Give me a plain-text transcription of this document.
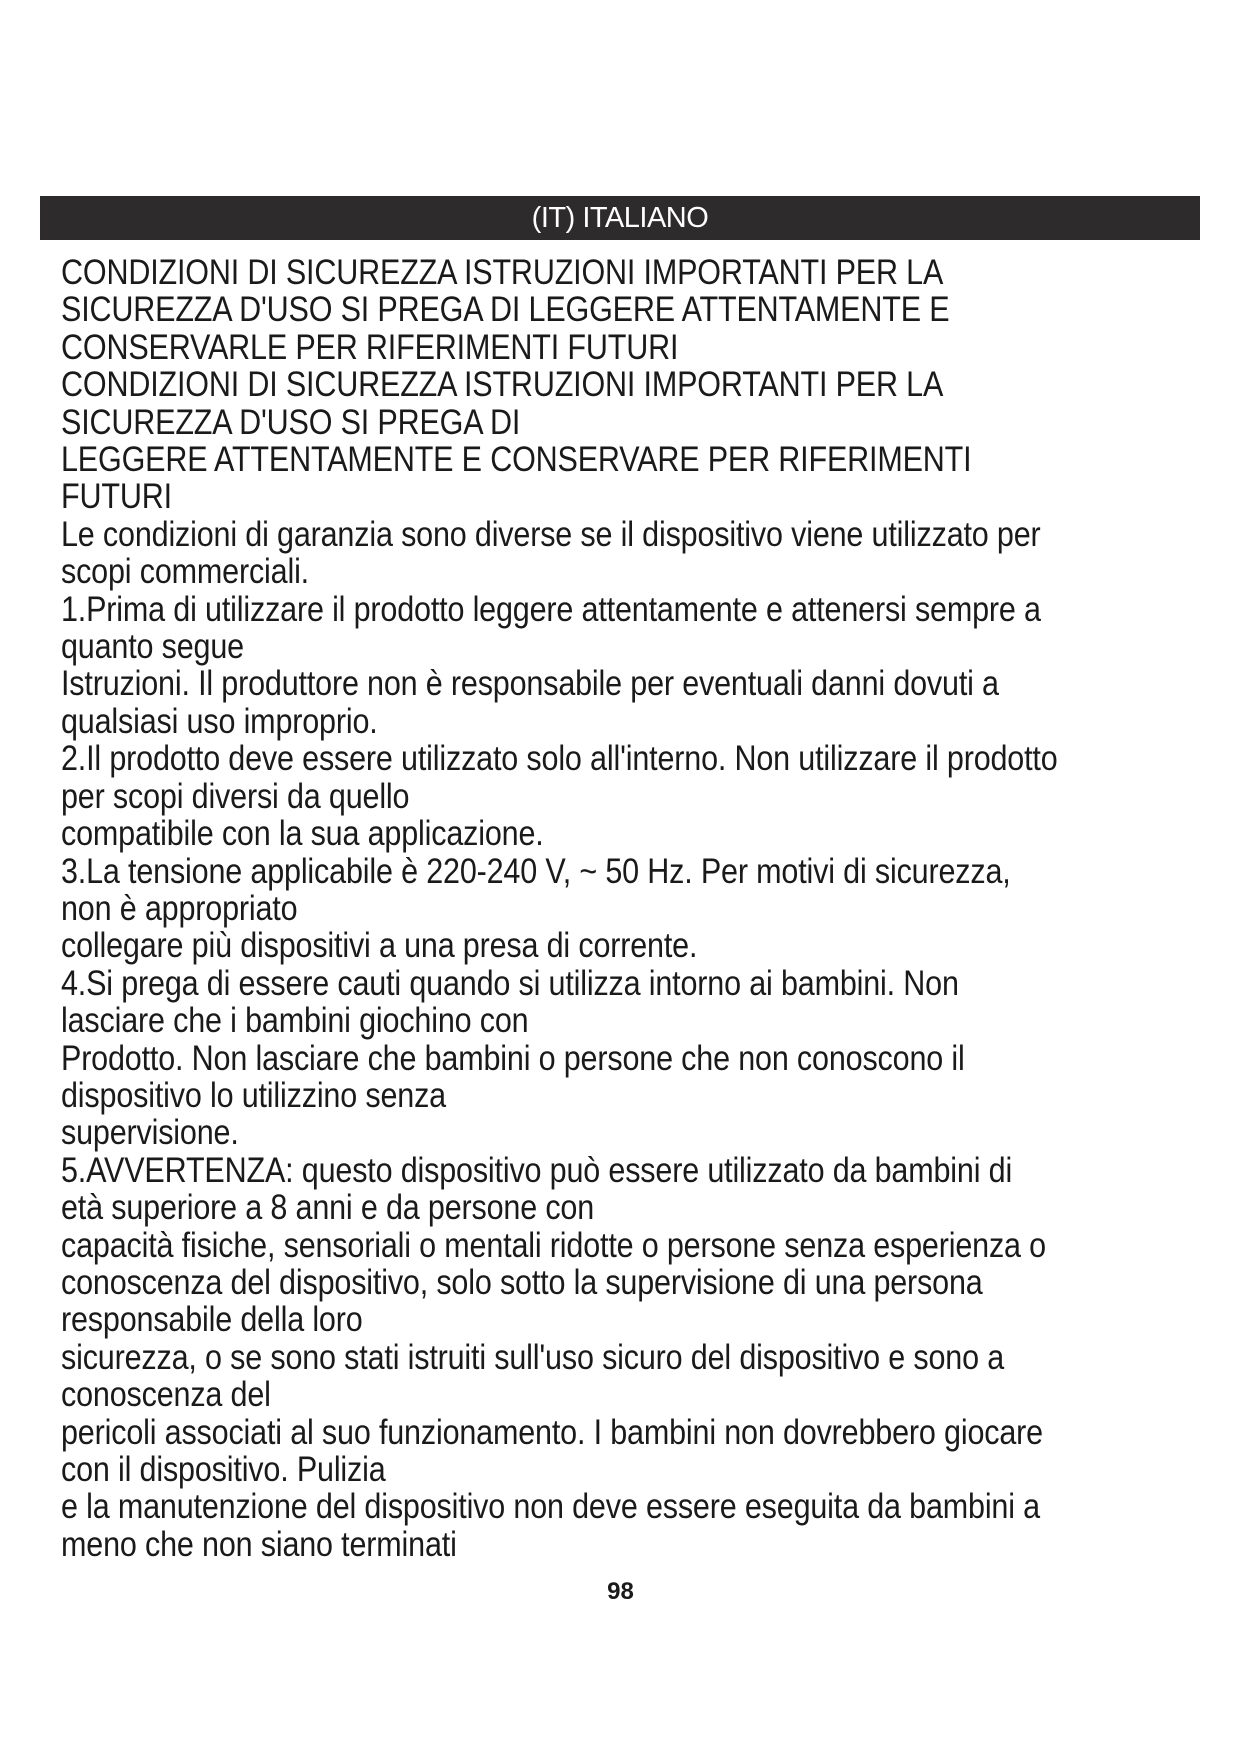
(IT) ITALIANO
CONDIZIONI DI SICUREZZA ISTRUZIONI IMPORTANTI PER LA
SICUREZZA D'USO SI PREGA DI LEGGERE ATTENTAMENTE E
CONSERVARLE PER RIFERIMENTI FUTURI
CONDIZIONI DI SICUREZZA ISTRUZIONI IMPORTANTI PER LA
SICUREZZA D'USO SI PREGA DI
LEGGERE ATTENTAMENTE E CONSERVARE PER RIFERIMENTI
FUTURI
Le condizioni di garanzia sono diverse se il dispositivo viene utilizzato per
scopi commerciali.
1.Prima di utilizzare il prodotto leggere attentamente e attenersi sempre a
quanto segue
Istruzioni. Il produttore non è responsabile per eventuali danni dovuti a
qualsiasi uso improprio.
2.Il prodotto deve essere utilizzato solo all'interno. Non utilizzare il prodotto
per scopi diversi da quello
compatibile con la sua applicazione.
3.La tensione applicabile è 220-240 V, ~ 50 Hz. Per motivi di sicurezza,
non è appropriato
collegare più dispositivi a una presa di corrente.
4.Si prega di essere cauti quando si utilizza intorno ai bambini. Non
lasciare che i bambini giochino con
Prodotto. Non lasciare che bambini o persone che non conoscono il
dispositivo lo utilizzino senza
supervisione.
5.AVVERTENZA: questo dispositivo può essere utilizzato da bambini di
età superiore a 8 anni e da persone con
capacità fisiche, sensoriali o mentali ridotte o persone senza esperienza o
conoscenza del dispositivo, solo sotto la supervisione di una persona
responsabile della loro
sicurezza, o se sono stati istruiti sull'uso sicuro del dispositivo e sono a
conoscenza del
pericoli associati al suo funzionamento. I bambini non dovrebbero giocare
con il dispositivo. Pulizia
e la manutenzione del dispositivo non deve essere eseguita da bambini a
meno che non siano terminati
98
